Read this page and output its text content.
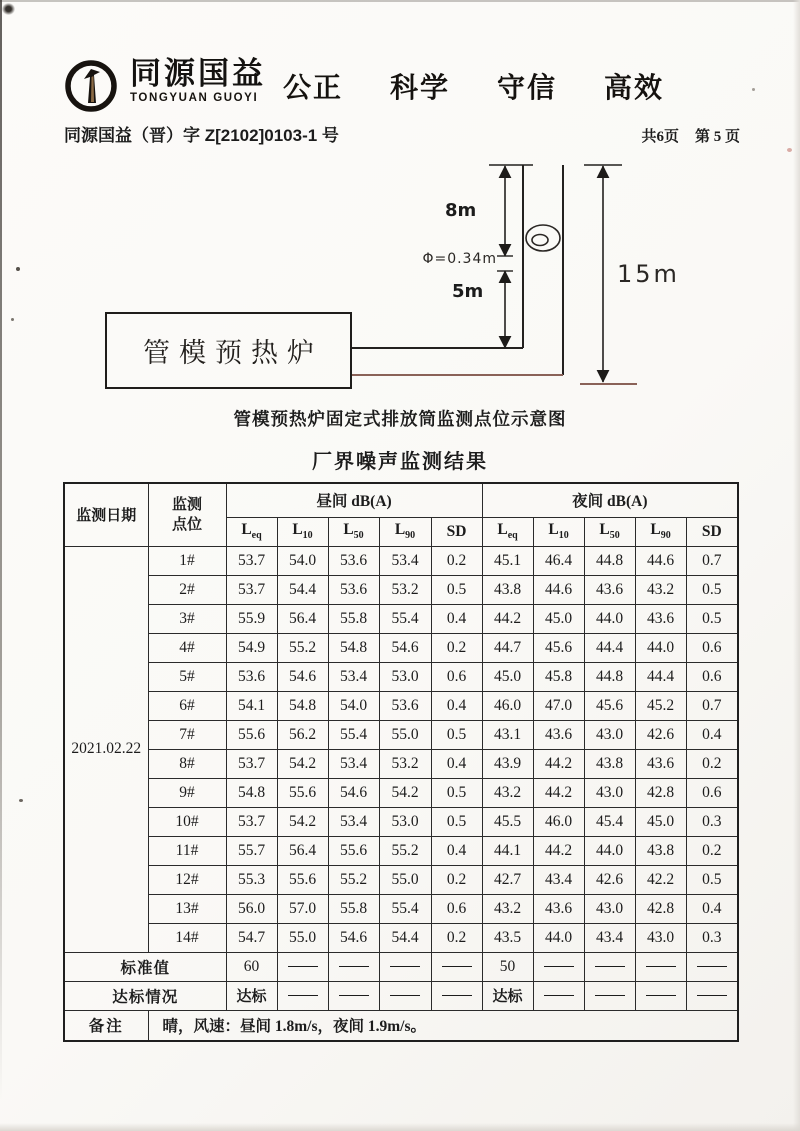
同源国益
TONGYUAN GUOYI 公正 科学 守信 高效
同源国益（晋）字 Z[2102]0103-1 号	共6页 第 5 页
管模预热炉
8m
Φ=0.34m
5m
15m
管模预热炉固定式排放筒监测点位示意图
厂界噪声监测结果
监测日期	监测点位	昼间 dB(A)					夜间 dB(A)				
		$L_{eq}$	$L_{10}$	$L_{50}$	$L_{90}$	SD	$L_{eq}$	$L_{10}$	$L_{50}$	$L_{90}$	SD
2021.02.22	1#	53.7	54.0	53.6	53.4	0.2	45.1	46.4	44.8	44.6	0.7
	2#	53.7	54.4	53.6	53.2	0.5	43.8	44.6	43.6	43.2	0.5
	3#	55.9	56.4	55.8	55.4	0.4	44.2	45.0	44.0	43.6	0.5
	4#	54.9	55.2	54.8	54.6	0.2	44.7	45.6	44.4	44.0	0.6
	5#	53.6	54.6	53.4	53.0	0.6	45.0	45.8	44.8	44.4	0.6
	6#	54.1	54.8	54.0	53.6	0.4	46.0	47.0	45.6	45.2	0.7
	7#	55.6	56.2	55.4	55.0	0.5	43.1	43.6	43.0	42.6	0.4
	8#	53.7	54.2	53.4	53.2	0.4	43.9	44.2	43.8	43.6	0.2
	9#	54.8	55.6	54.6	54.2	0.5	43.2	44.2	43.0	42.8	0.6
	10#	53.7	54.2	53.4	53.0	0.5	45.5	46.0	45.4	45.0	0.3
	11#	55.7	56.4	55.6	55.2	0.4	44.1	44.2	44.0	43.8	0.2
	12#	55.3	55.6	55.2	55.0	0.2	42.7	43.4	42.6	42.2	0.5
	13#	56.0	57.0	55.8	55.4	0.6	43.2	43.6	43.0	42.8	0.4
	14#	54.7	55.0	54.6	54.4	0.2	43.5	44.0	43.4	43.0	0.3
标准值		60					50				
达标情况		达标					达标				
备注	晴，风速：昼间 1.8m/s，夜间 1.9m/s。										
